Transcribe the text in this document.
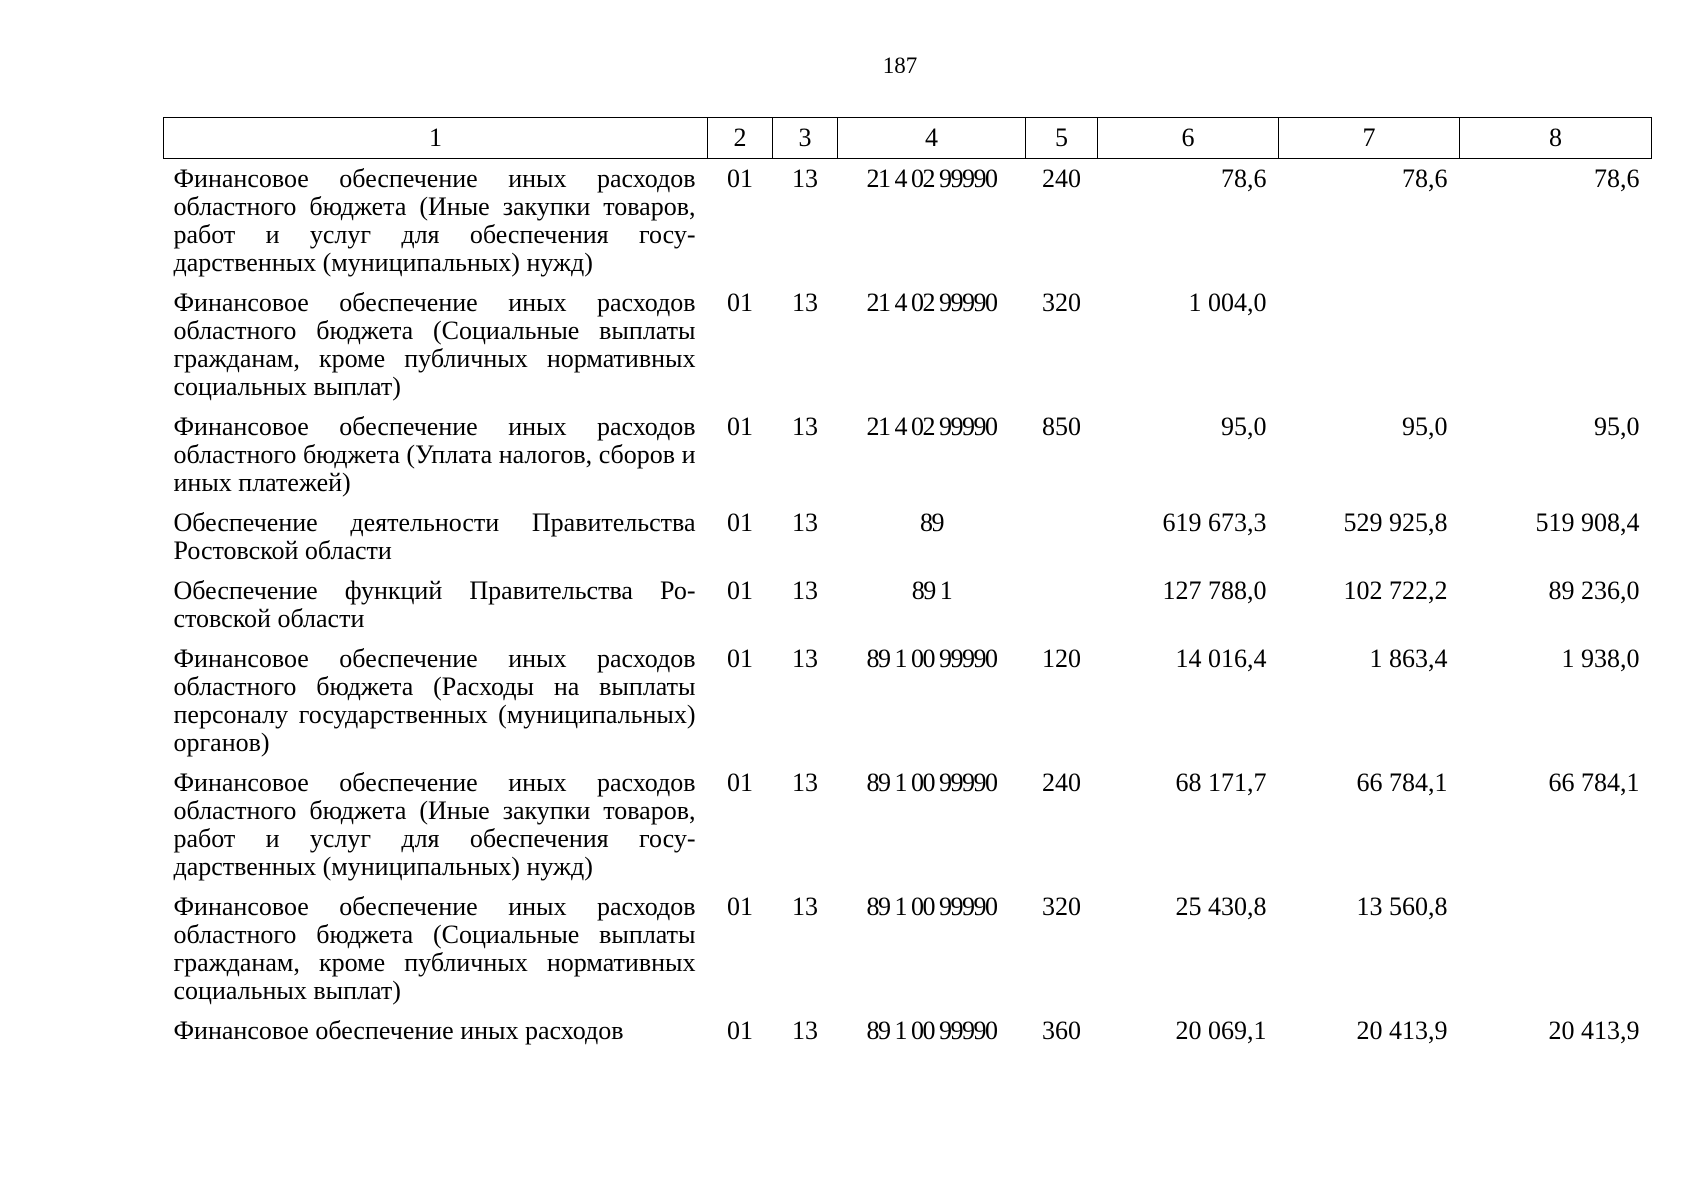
187
1	2	3	4	5	6	7	8
Финансовое обеспечение иных расходов областного бюджета (Иные закупки товаров, работ и услуг для обеспечения государственных (муниципальных) нужд)	01	13	21 4 02 99990	240	78,6	78,6	78,6
Финансовое обеспечение иных расходов областного бюджета (Социальные выплаты гражданам, кроме публичных нормативных социальных выплат)	01	13	21 4 02 99990	320	1 004,0		
Финансовое обеспечение иных расходов областного бюджета (Уплата налогов, сборов и иных платежей)	01	13	21 4 02 99990	850	95,0	95,0	95,0
Обеспечение деятельности Правительства Ростовской области	01	13	89		619 673,3	529 925,8	519 908,4
Обеспечение функций Правительства Ростовской области	01	13	89 1		127 788,0	102 722,2	89 236,0
Финансовое обеспечение иных расходов областного бюджета (Расходы на выплаты персоналу государственных (муниципальных) органов)	01	13	89 1 00 99990	120	14 016,4	1 863,4	1 938,0
Финансовое обеспечение иных расходов областного бюджета (Иные закупки товаров, работ и услуг для обеспечения государственных (муниципальных) нужд)	01	13	89 1 00 99990	240	68 171,7	66 784,1	66 784,1
Финансовое обеспечение иных расходов областного бюджета (Социальные выплаты гражданам, кроме публичных нормативных социальных выплат)	01	13	89 1 00 99990	320	25 430,8	13 560,8	
Финансовое обеспечение иных расходов	01	13	89 1 00 99990	360	20 069,1	20 413,9	20 413,9
